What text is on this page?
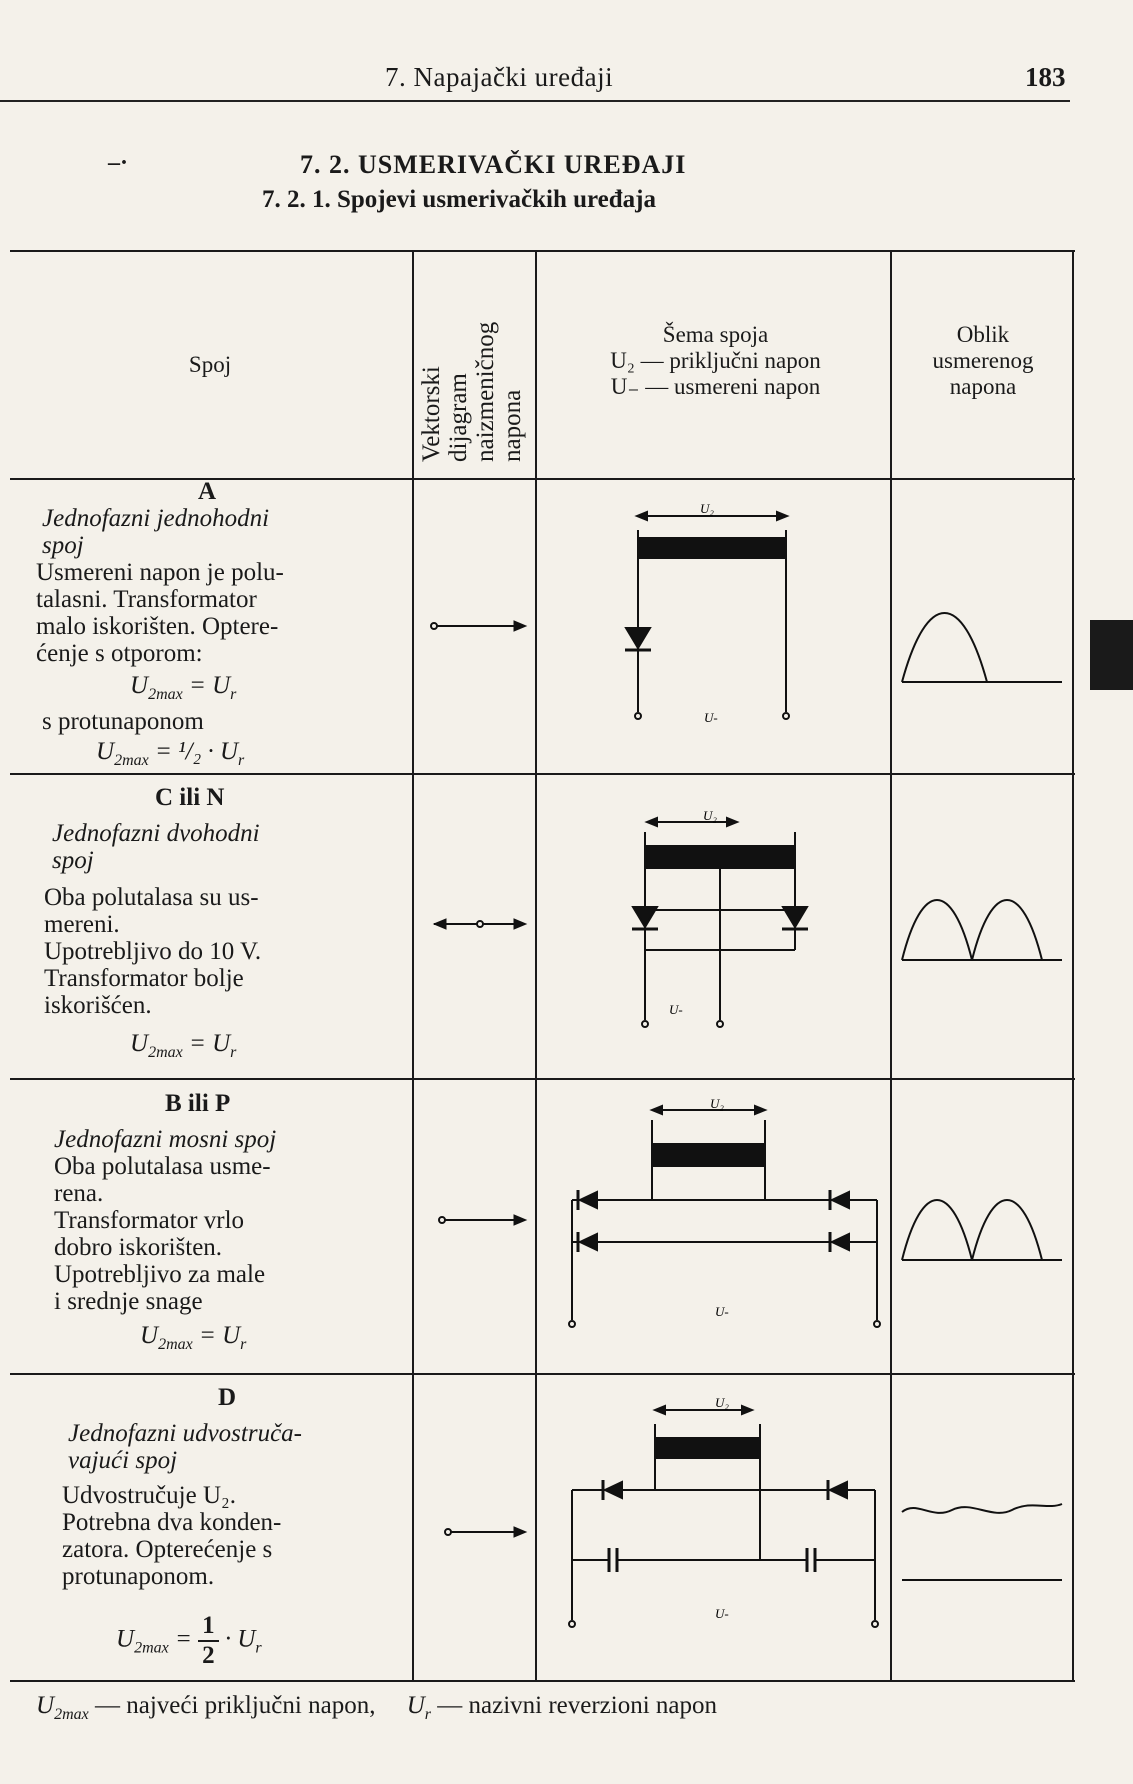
7. Napajački uređaji	183
–·	7. 2. USMERIVAČKI UREĐAJI
7. 2. 1. Spojevi usmerivačkih uređaja
Spoj
Vektorski dijagram naizmeničnog napona
Šema spoja
U₂ — priključni napon
U₋ — usmereni napon
Oblik
usmerenog
napona
A
Jednofazni jednohodni
spoj
Usmereni napon je polu-
talasni. Transformator
malo iskorišten. Optere-
ćenje s otporom:
$U_{2max} = U_r$
s protunaponom
$U_{2max} = ^1/_2 \cdot U_r$
C ili N
Jednofazni dvohodni
spoj
Oba polutalasa su us-
mereni.
Upotrebljivo do 10 V.
Transformator bolje
iskorišćen.
$U_{2max} = U_r$
B ili P
Jednofazni mosni spoj
Oba polutalasa usme-
rena.
Transformator vrlo
dobro iskorišten.
Upotrebljivo za male
i srednje snage
$U_{2max} = U_r$
D
Jednofazni udvostruča-
vajući spoj
Udvostručuje U₂.
Potrebna dva konden-
zatora. Opterećenje s
protunaponom.
$U_{2max} = \frac{1}{2} \cdot U_r$
U₂
U-
U₂
U-
U₂
U-
U₂
U-
$U_{2max}$ — najveći priključni napon,     $U_r$ — nazivni reverzioni napon
